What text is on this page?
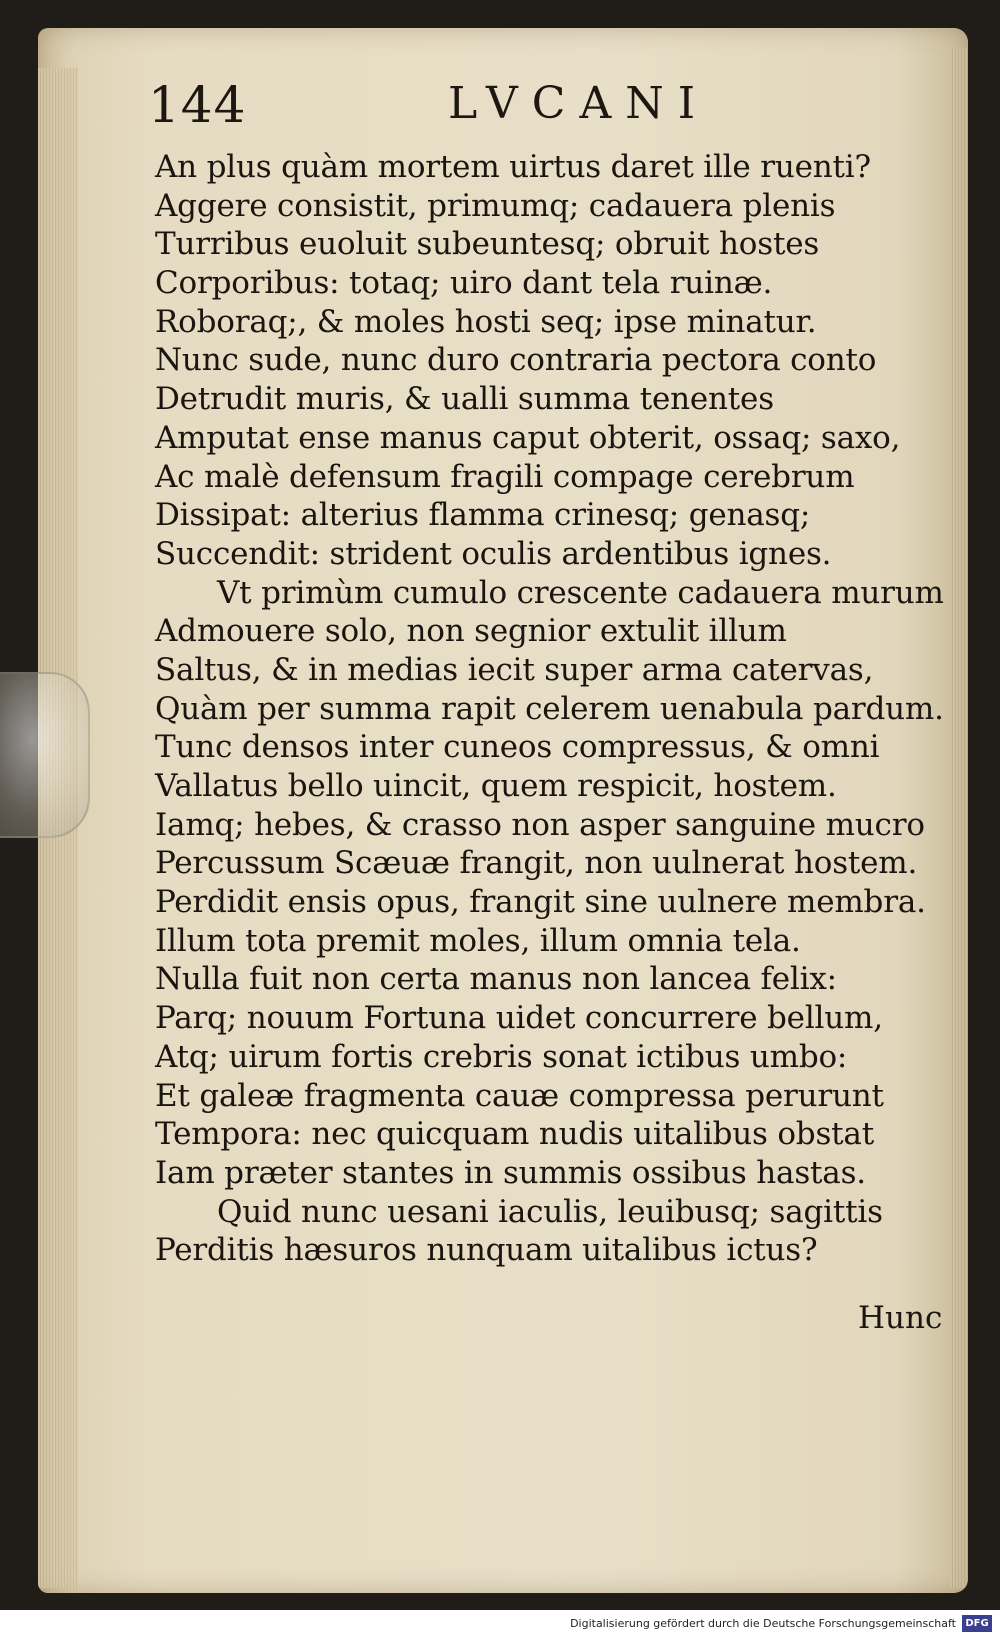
144	LVCANI
An plus quàm mortem uirtus daret ille ruenti?
Aggere consistit, primumq; cadauera plenis
Turribus euoluit subeuntesq; obruit hostes
Corporibus: totaq; uiro dant tela ruinæ.
Roboraq;, & moles hosti seq; ipse minatur.
Nunc sude, nunc duro contraria pectora conto
Detrudit muris, & ualli summa tenentes
Amputat ense manus caput obterit, ossaq; saxo,
Ac malè defensum fragili compage cerebrum
Dissipat: alterius flamma crinesq; genasq;
Succendit: strident oculis ardentibus ignes.
Vt primùm cumulo crescente cadauera murum
Admouere solo, non segnior extulit illum
Saltus, & in medias iecit super arma catervas,
Quàm per summa rapit celerem uenabula pardum.
Tunc densos inter cuneos compressus, & omni
Vallatus bello uincit, quem respicit, hostem.
Iamq; hebes, & crasso non asper sanguine mucro
Percussum Scæuæ frangit, non uulnerat hostem.
Perdidit ensis opus, frangit sine uulnere membra.
Illum tota premit moles, illum omnia tela.
Nulla fuit non certa manus non lancea felix:
Parq; nouum Fortuna uidet concurrere bellum,
Atq; uirum fortis crebris sonat ictibus umbo:
Et galeæ fragmenta cauæ compressa perurunt
Tempora: nec quicquam nudis uitalibus obstat
Iam præter stantes in summis ossibus hastas.
Quid nunc uesani iaculis, leuibusq; sagittis
Perditis hæsuros nunquam uitalibus ictus?
Hunc
Digitalisierung gefördert durch die Deutsche Forschungsgemeinschaft DFG
